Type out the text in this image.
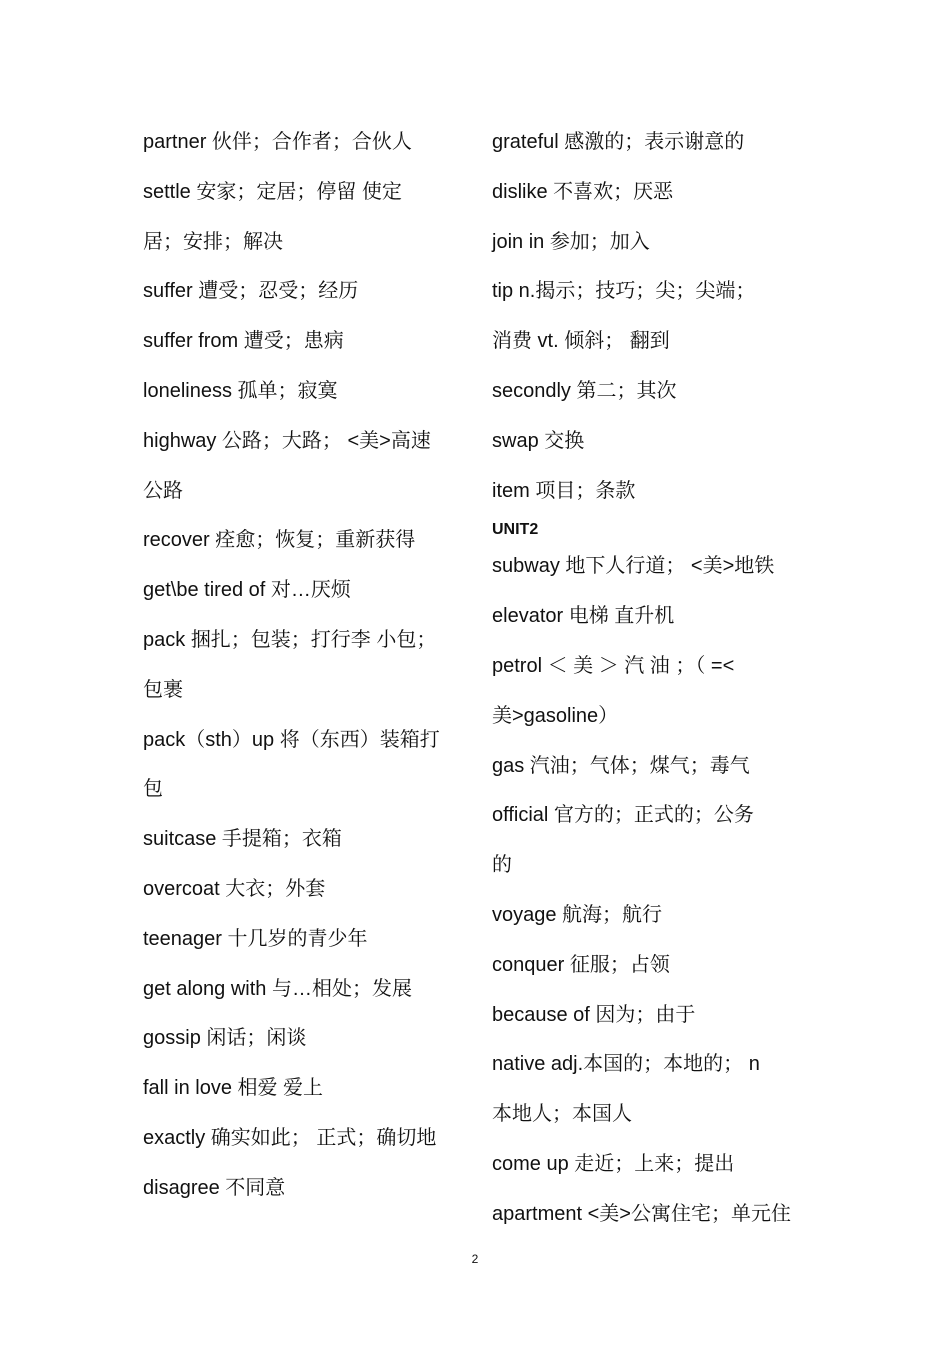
partner 伙伴；合作者；合伙人
settle 安家；定居；停留 使定
居；安排；解决
suffer 遭受；忍受；经历
suffer from 遭受；患病
loneliness 孤单；寂寞
highway 公路；大路； <美>高速
公路
recover 痊愈；恢复；重新获得
get\be tired of 对…厌烦
pack 捆扎；包装；打行李 小包；
包裹
pack（sth）up 将（东西）装箱打
包
suitcase 手提箱；衣箱
overcoat 大衣；外套
teenager 十几岁的青少年
get along with 与…相处；发展
gossip 闲话；闲谈
fall in love 相爱 爱上
exactly 确实如此； 正式；确切地
disagree 不同意
grateful 感激的；表示谢意的
dislike 不喜欢；厌恶
join in 参加；加入
tip n.揭示；技巧；尖；尖端；
消费 vt. 倾斜； 翻到
secondly 第二；其次
swap 交换
item 项目；条款
UNIT2
subway 地下人行道； <美>地铁
elevator 电梯 直升机
petrol ＜ 美 ＞ 汽 油 ；（ =<
美>gasoline）
gas 汽油；气体；煤气；毒气
official 官方的；正式的；公务
的
voyage 航海；航行
conquer 征服；占领
because of 因为；由于
native adj.本国的；本地的； n
本地人；本国人
come up 走近；上来；提出
apartment <美>公寓住宅；单元住
2
